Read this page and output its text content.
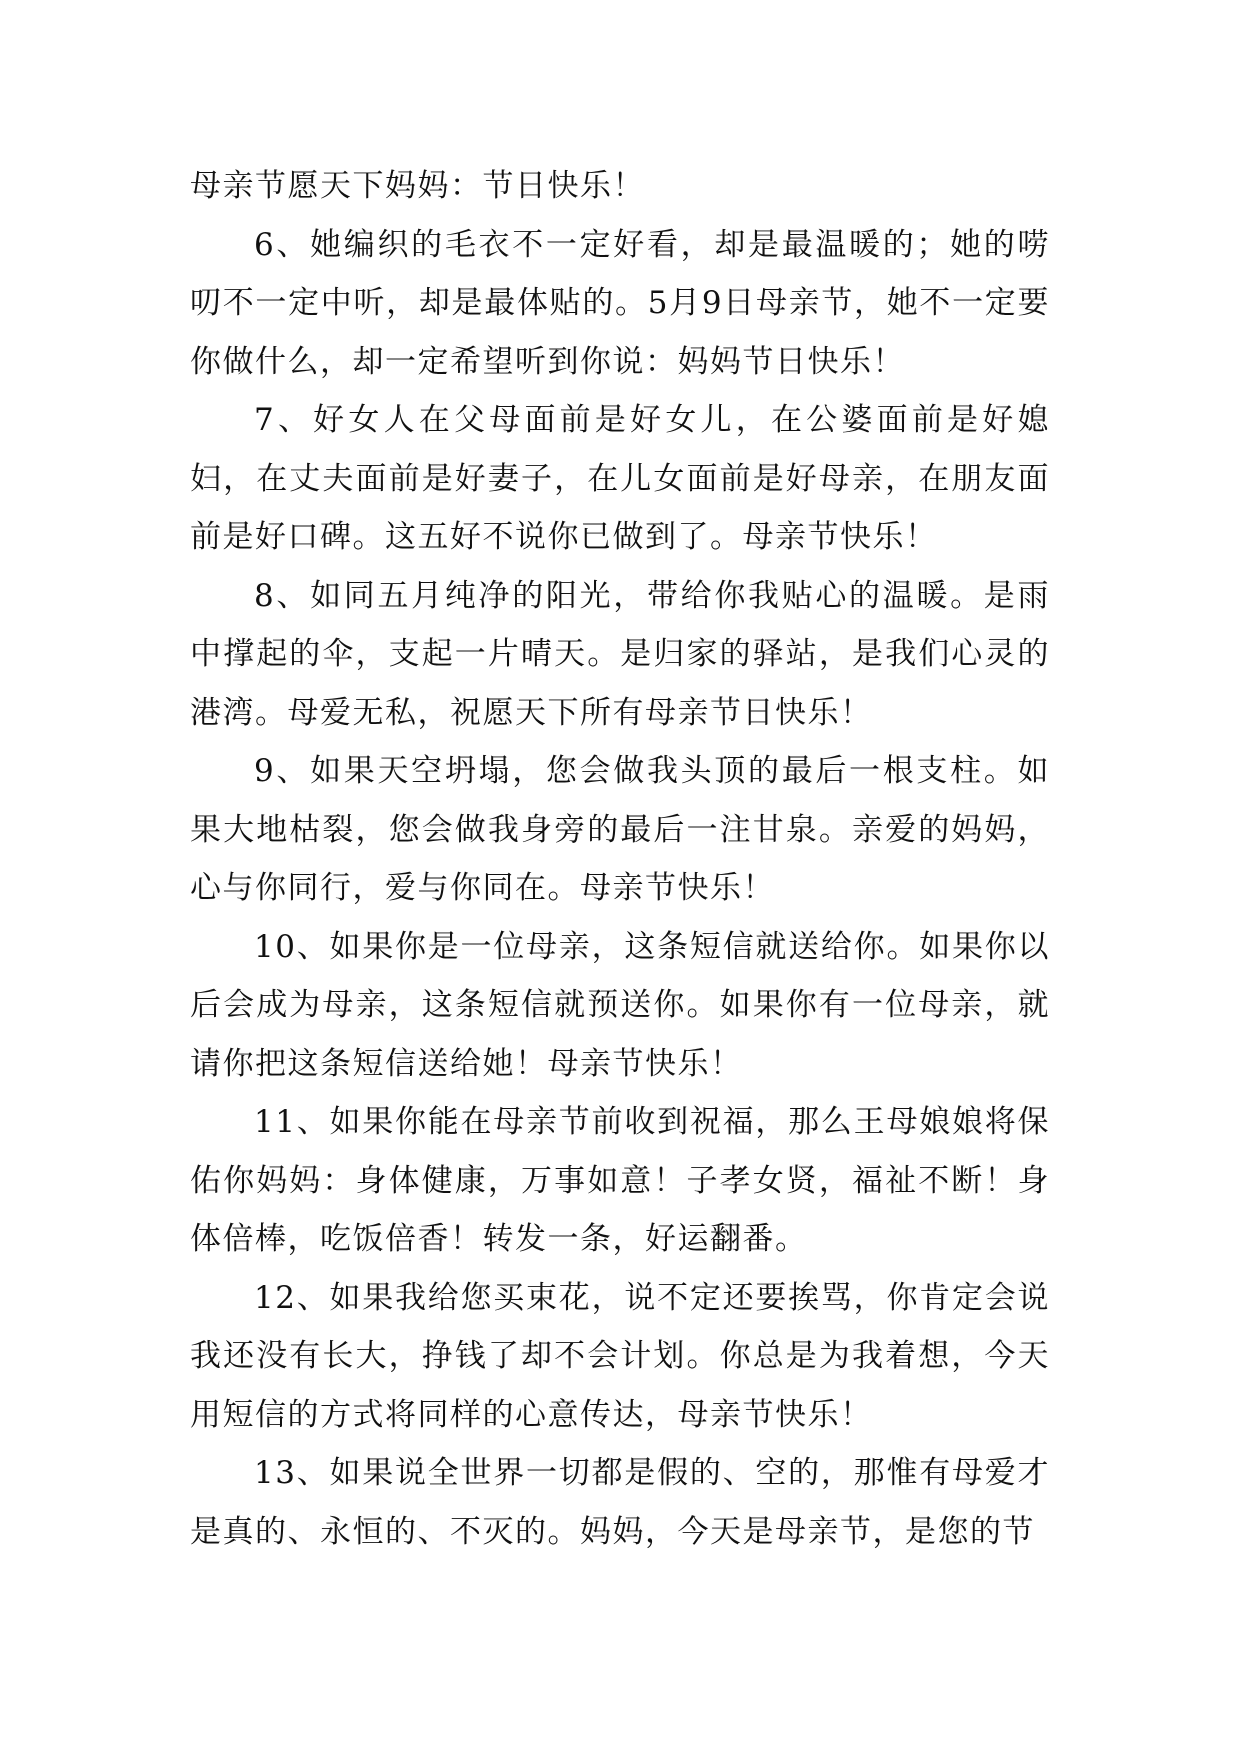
母亲节愿天下妈妈：节日快乐！

6、她编织的毛衣不一定好看，却是最温暖的；她的唠叨不一定中听，却是最体贴的。5月9日母亲节，她不一定要你做什么，却一定希望听到你说：妈妈节日快乐！

7、好女人在父母面前是好女儿，在公婆面前是好媳妇，在丈夫面前是好妻子，在儿女面前是好母亲，在朋友面前是好口碑。这五好不说你已做到了。母亲节快乐！

8、如同五月纯净的阳光，带给你我贴心的温暖。是雨中撑起的伞，支起一片晴天。是归家的驿站，是我们心灵的港湾。母爱无私，祝愿天下所有母亲节日快乐！

9、如果天空坍塌，您会做我头顶的最后一根支柱。如果大地枯裂，您会做我身旁的最后一注甘泉。亲爱的妈妈，心与你同行，爱与你同在。母亲节快乐！

10、如果你是一位母亲，这条短信就送给你。如果你以后会成为母亲，这条短信就预送你。如果你有一位母亲，就请你把这条短信送给她！母亲节快乐！

11、如果你能在母亲节前收到祝福，那么王母娘娘将保佑你妈妈：身体健康，万事如意！子孝女贤，福祉不断！身体倍棒，吃饭倍香！转发一条，好运翻番。

12、如果我给您买束花，说不定还要挨骂，你肯定会说我还没有长大，挣钱了却不会计划。你总是为我着想，今天用短信的方式将同样的心意传达，母亲节快乐！

13、如果说全世界一切都是假的、空的，那惟有母爱才是真的、永恒的、不灭的。妈妈，今天是母亲节，是您的节
